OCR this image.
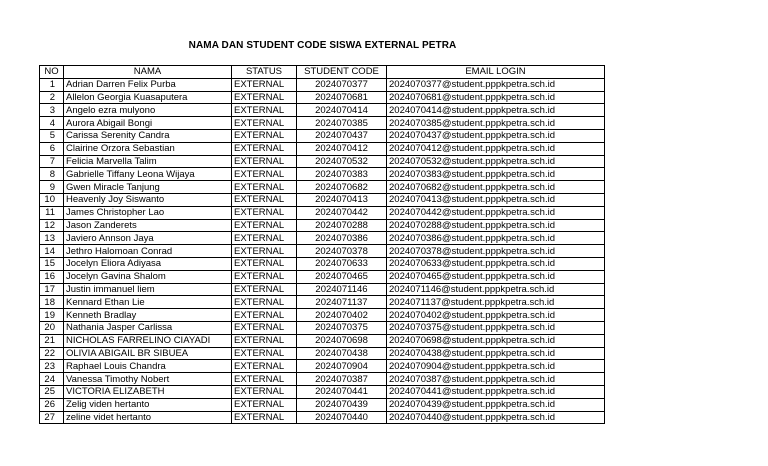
NAMA DAN STUDENT CODE SISWA EXTERNAL PETRA
NO	NAMA	STATUS	STUDENT CODE	EMAIL LOGIN
1	Adrian Darren Felix Purba	EXTERNAL	2024070377	2024070377@student.pppkpetra.sch.id
2	Allelon Georgia Kuasaputera	EXTERNAL	2024070681	2024070681@student.pppkpetra.sch.id
3	Angelo ezra mulyono	EXTERNAL	2024070414	2024070414@student.pppkpetra.sch.id
4	Aurora Abigail Bongi	EXTERNAL	2024070385	2024070385@student.pppkpetra.sch.id
5	Carissa Serenity Candra	EXTERNAL	2024070437	2024070437@student.pppkpetra.sch.id
6	Clairine Orzora Sebastian	EXTERNAL	2024070412	2024070412@student.pppkpetra.sch.id
7	Felicia Marvella Talim	EXTERNAL	2024070532	2024070532@student.pppkpetra.sch.id
8	Gabrielle Tiffany Leona Wijaya	EXTERNAL	2024070383	2024070383@student.pppkpetra.sch.id
9	Gwen Miracle Tanjung	EXTERNAL	2024070682	2024070682@student.pppkpetra.sch.id
10	Heavenly Joy Siswanto	EXTERNAL	2024070413	2024070413@student.pppkpetra.sch.id
11	James Christopher Lao	EXTERNAL	2024070442	2024070442@student.pppkpetra.sch.id
12	Jason Zanderets	EXTERNAL	2024070288	2024070288@student.pppkpetra.sch.id
13	Javiero Annson Jaya	EXTERNAL	2024070386	2024070386@student.pppkpetra.sch.id
14	Jethro Halomoan Conrad	EXTERNAL	2024070378	2024070378@student.pppkpetra.sch.id
15	Jocelyn Eliora Adiyasa	EXTERNAL	2024070633	2024070633@student.pppkpetra.sch.id
16	Jocelyn Gavina Shalom	EXTERNAL	2024070465	2024070465@student.pppkpetra.sch.id
17	Justin immanuel liem	EXTERNAL	2024071146	2024071146@student.pppkpetra.sch.id
18	Kennard Ethan Lie	EXTERNAL	2024071137	2024071137@student.pppkpetra.sch.id
19	Kenneth Bradlay	EXTERNAL	2024070402	2024070402@student.pppkpetra.sch.id
20	Nathania Jasper Carlissa	EXTERNAL	2024070375	2024070375@student.pppkpetra.sch.id
21	NICHOLAS FARRELINO CIAYADI	EXTERNAL	2024070698	2024070698@student.pppkpetra.sch.id
22	OLIVIA ABIGAIL BR SIBUEA	EXTERNAL	2024070438	2024070438@student.pppkpetra.sch.id
23	Raphael Louis Chandra	EXTERNAL	2024070904	2024070904@student.pppkpetra.sch.id
24	Vanessa Timothy Nobert	EXTERNAL	2024070387	2024070387@student.pppkpetra.sch.id
25	VICTORIA ELIZABETH	EXTERNAL	2024070441	2024070441@student.pppkpetra.sch.id
26	Zelig viden hertanto	EXTERNAL	2024070439	2024070439@student.pppkpetra.sch.id
27	zeline videt hertanto	EXTERNAL	2024070440	2024070440@student.pppkpetra.sch.id
